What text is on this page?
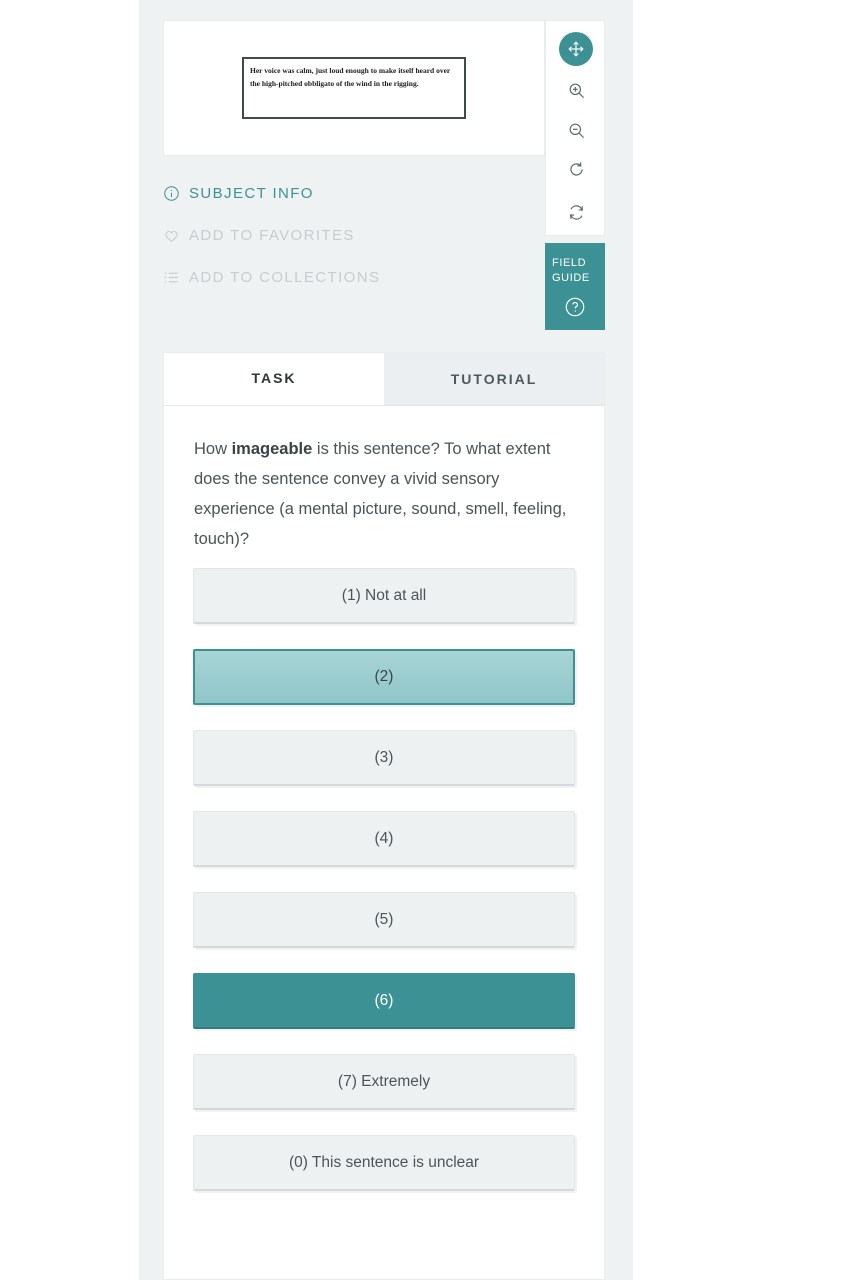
Her voice was calm, just loud enough to make itself heard over the high-pitched obbligato of the wind in the rigging.
FIELD
GUIDE
SUBJECT INFO
ADD TO FAVORITES
ADD TO COLLECTIONS
TASK	TUTORIAL
How imageable is this sentence? To what extent does the sentence convey a vivid sensory experience (a mental picture, sound, smell, feeling, touch)?
(1) Not at all
(2)
(3)
(4)
(5)
(6)
(7) Extremely
(0) This sentence is unclear
